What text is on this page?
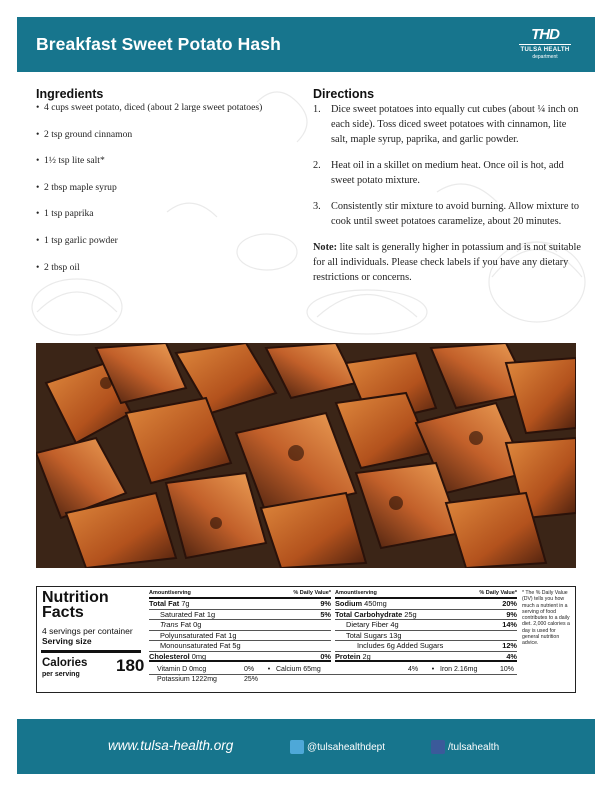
Breakfast Sweet Potato Hash	THD
TULSA HEALTH
department
Ingredients
• 4 cups sweet potato, diced (about 2 large sweet potatoes)
• 2 tsp ground cinnamon
• 1½ tsp lite salt*
• 2 tbsp maple syrup
• 1 tsp paprika
• 1 tsp garlic powder
• 2 tbsp oil
Directions
1. Dice sweet potatoes into equally cut cubes (about ¼ inch on each side). Toss diced sweet potatoes with cinnamon, lite salt, maple syrup, paprika, and garlic powder.
2. Heat oil in a skillet on medium heat. Once oil is hot, add sweet potato mixture.
3. Consistently stir mixture to avoid burning. Allow mixture to cook until sweet potatoes caramelize, about 20 minutes.

Note: lite salt is generally higher in potassium and is not suitable for all individuals. Please check labels if you have any dietary restrictions or concerns.

Nutrition
Facts
4 servings per container
Serving size
Calories
per serving 180
Amount/serving	% Daily Value*
Total Fat 7g	9%
Saturated Fat 1g	5%
Trans Fat 0g
Polyunsaturated Fat 1g
Monounsaturated Fat 5g
Cholesterol 0mg	0%
Amount/serving	% Daily Value*
Sodium 450mg	20%
Total Carbohydrate 25g	9%
Dietary Fiber 4g	14%
Total Sugars 13g
Includes 6g Added Sugars	12%
Protein 2g	4%
Vitamin D 0mcg	0% • Calcium 65mg	4% • Iron 2.16mg	10%
Potassium 1222mg	25%
* The % Daily Value (DV) tells you how much a nutrient in a serving of food contributes to a daily diet. 2,000 calories a day is used for general nutrition advice.
www.tulsa-health.org	@tulsahealthdept	/tulsahealth
